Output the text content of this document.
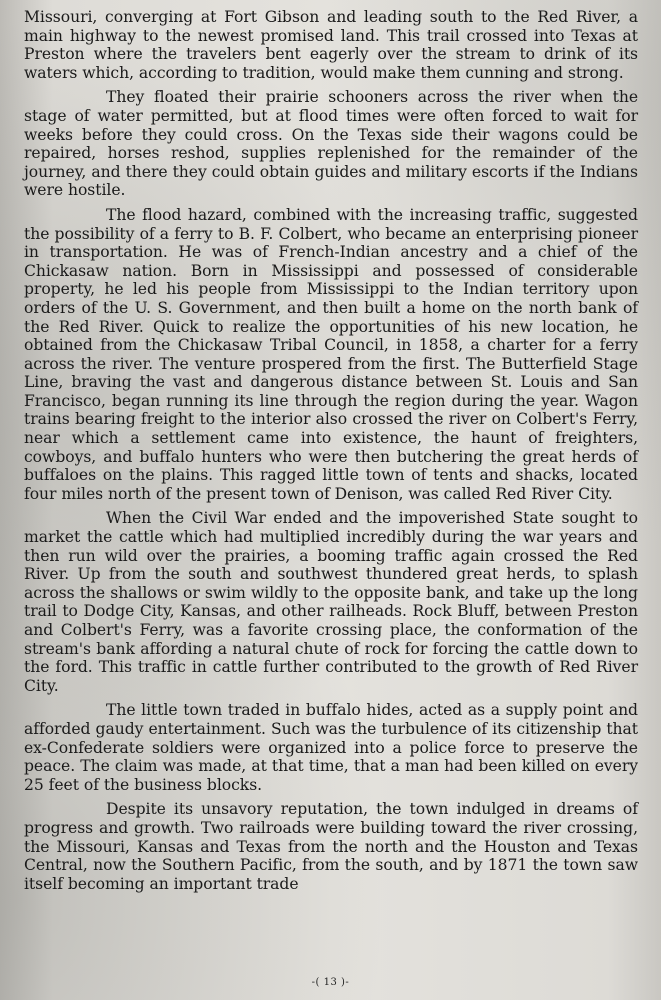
Missouri, converging at Fort Gibson and leading south to the Red River, a main highway to the newest promised land. This trail crossed into Texas at Preston where the travelers bent eagerly over the stream to drink of its waters which, according to tradition, would make them cunning and strong.

They floated their prairie schooners across the river when the stage of water permitted, but at flood times were often forced to wait for weeks before they could cross. On the Texas side their wagons could be repaired, horses reshod, supplies replenished for the remainder of the journey, and there they could obtain guides and military escorts if the Indians were hostile.

The flood hazard, combined with the increasing traffic, suggested the possibility of a ferry to B. F. Colbert, who became an enterprising pioneer in transportation. He was of French-Indian ancestry and a chief of the Chickasaw nation. Born in Mississippi and possessed of considerable property, he led his people from Mississippi to the Indian territory upon orders of the U. S. Government, and then built a home on the north bank of the Red River. Quick to realize the opportunities of his new location, he obtained from the Chickasaw Tribal Council, in 1858, a charter for a ferry across the river. The venture prospered from the first. The Butterfield Stage Line, braving the vast and dangerous distance between St. Louis and San Francisco, began running its line through the region during the year. Wagon trains bearing freight to the interior also crossed the river on Colbert's Ferry, near which a settlement came into existence, the haunt of freighters, cowboys, and buffalo hunters who were then butchering the great herds of buffaloes on the plains. This ragged little town of tents and shacks, located four miles north of the present town of Denison, was called Red River City.

When the Civil War ended and the impoverished State sought to market the cattle which had multiplied incredibly during the war years and then run wild over the prairies, a booming traffic again crossed the Red River. Up from the south and southwest thundered great herds, to splash across the shallows or swim wildly to the opposite bank, and take up the long trail to Dodge City, Kansas, and other railheads. Rock Bluff, between Preston and Colbert's Ferry, was a favorite crossing place, the conformation of the stream's bank affording a natural chute of rock for forcing the cattle down to the ford. This traffic in cattle further contributed to the growth of Red River City.

The little town traded in buffalo hides, acted as a supply point and afforded gaudy entertainment. Such was the turbulence of its citizenship that ex-Confederate soldiers were organized into a police force to preserve the peace. The claim was made, at that time, that a man had been killed on every 25 feet of the business blocks.

Despite its unsavory reputation, the town indulged in dreams of progress and growth. Two railroads were building toward the river crossing, the Missouri, Kansas and Texas from the north and the Houston and Texas Central, now the Southern Pacific, from the south, and by 1871 the town saw itself becoming an important trade

-( 13 )-
